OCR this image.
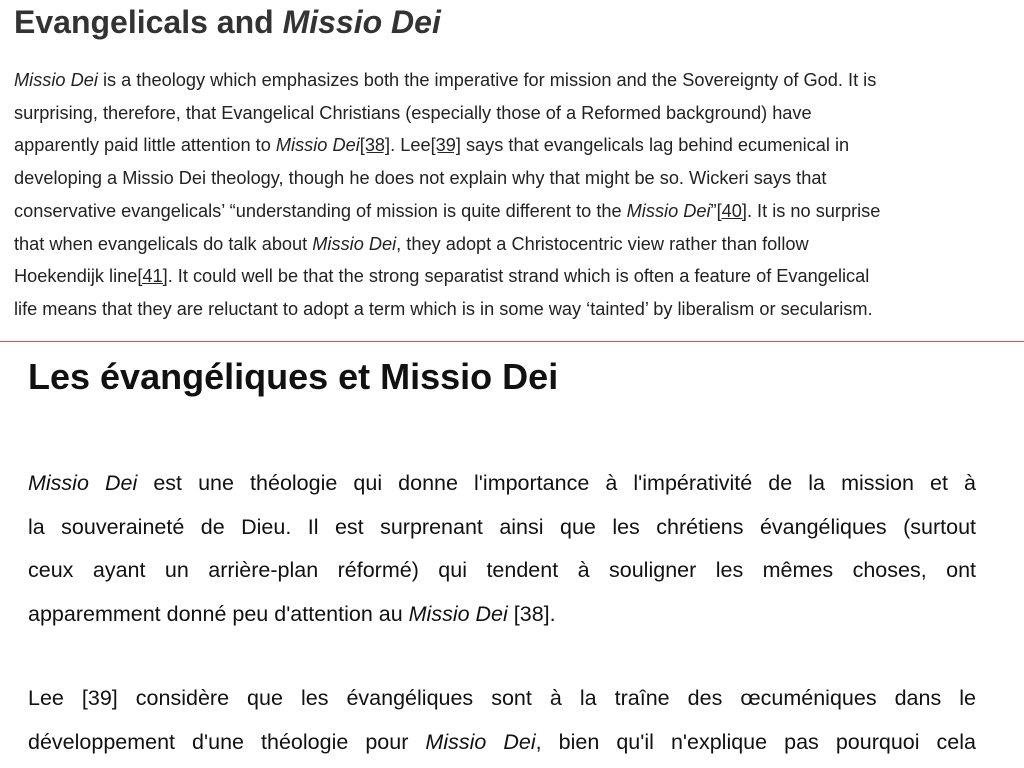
Evangelicals and Missio Dei

Missio Dei is a theology which emphasizes both the imperative for mission and the Sovereignty of God. It is
surprising, therefore, that Evangelical Christians (especially those of a Reformed background) have
apparently paid little attention to Missio Dei[38]. Lee[39] says that evangelicals lag behind ecumenical in
developing a Missio Dei theology, though he does not explain why that might be so. Wickeri says that
conservative evangelicals’ “understanding of mission is quite different to the Missio Dei”[40]. It is no surprise
that when evangelicals do talk about Missio Dei, they adopt a Christocentric view rather than follow
Hoekendijk line[41]. It could well be that the strong separatist strand which is often a feature of Evangelical
life means that they are reluctant to adopt a term which is in some way ‘tainted’ by liberalism or secularism.

Les évangéliques et Missio Dei

Missio Dei est une théologie qui donne l'importance à l'impérativité de la mission et à
la souveraineté de Dieu. Il est surprenant ainsi que les chrétiens évangéliques (surtout
ceux ayant un arrière-plan réformé) qui tendent à souligner les mêmes choses, ont
apparemment donné peu d'attention au Missio Dei [38].

Lee [39] considère que les évangéliques sont à la traîne des œcuméniques dans le
développement d'une théologie pour Missio Dei, bien qu'il n'explique pas pourquoi cela
